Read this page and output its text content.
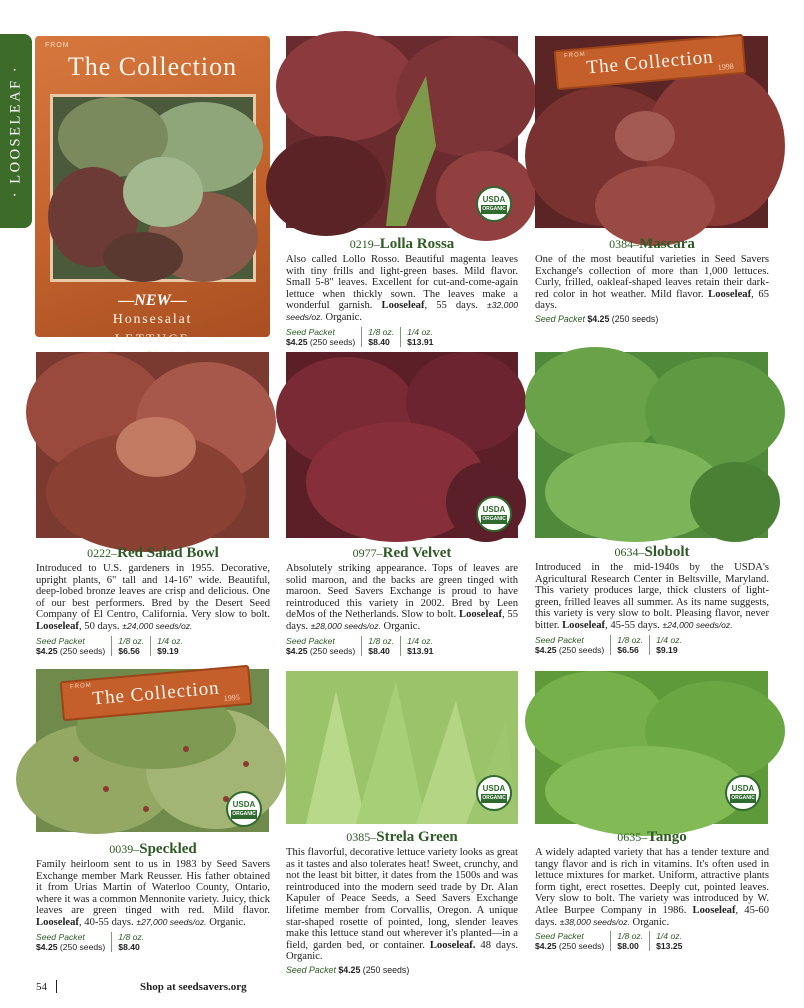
· LOOSELEAF ·
FROM
The Collection
—NEW—
Honsesalat
LETTUCE
USDA
ORGANIC
FROM The Collection 1998
USDA
ORGANIC
FROM The Collection 1995
USDA
ORGANIC
USDA
ORGANIC
USDA
ORGANIC
0219–Lolla Rossa
Also called Lollo Rosso. Beautiful magenta leaves with tiny frills and light-green bases. Mild flavor. Small 5-8" leaves. Excellent for cut-and-come-again lettuce when thickly sown. The leaves make a wonderful garnish. Looseleaf, 55 days. ±32,000 seeds/oz. Organic.
Seed Packet
$4.25 (250 seeds)
1/8 oz.
$8.40
1/4 oz.
$13.91
0384–Mascara
One of the most beautiful varieties in Seed Savers Exchange's collection of more than 1,000 lettuces. Curly, frilled, oakleaf-shaped leaves retain their dark-red color in hot weather. Mild flavor. Looseleaf, 65 days.
Seed Packet $4.25 (250 seeds)
0222–Red Salad Bowl
Introduced to U.S. gardeners in 1955. Decorative, upright plants, 6" tall and 14-16" wide. Beautiful, deep-lobed bronze leaves are crisp and delicious. One of our best performers. Bred by the Desert Seed Company of El Centro, California. Very slow to bolt. Looseleaf, 50 days. ±24,000 seeds/oz.
Seed Packet
$4.25 (250 seeds)
1/8 oz.
$6.56
1/4 oz.
$9.19
0977–Red Velvet
Absolutely striking appearance. Tops of leaves are solid maroon, and the backs are green tinged with maroon. Seed Savers Exchange is proud to have reintroduced this variety in 2002. Bred by Leen deMos of the Netherlands. Slow to bolt. Looseleaf, 55 days. ±28,000 seeds/oz. Organic.
Seed Packet
$4.25 (250 seeds)
1/8 oz.
$8.40
1/4 oz.
$13.91
0634–Slobolt
Introduced in the mid-1940s by the USDA's Agricultural Research Center in Beltsville, Maryland. This variety produces large, thick clusters of light-green, frilled leaves all summer. As its name suggests, this variety is very slow to bolt. Pleasing flavor, never bitter. Looseleaf, 45-55 days. ±24,000 seeds/oz.
Seed Packet
$4.25 (250 seeds)
1/8 oz.
$6.56
1/4 oz.
$9.19
0039–Speckled
Family heirloom sent to us in 1983 by Seed Savers Exchange member Mark Reusser. His father obtained it from Urias Martin of Waterloo County, Ontario, where it was a common Mennonite variety. Juicy, thick leaves are green tinged with red. Mild flavor. Looseleaf, 40-55 days. ±27,000 seeds/oz. Organic.
Seed Packet
$4.25 (250 seeds)
1/8 oz.
$8.40
0385–Strela Green
This flavorful, decorative lettuce variety looks as great as it tastes and also tolerates heat! Sweet, crunchy, and not the least bit bitter, it dates from the 1500s and was reintroduced into the modern seed trade by Dr. Alan Kapuler of Peace Seeds, a Seed Savers Exchange lifetime member from Corvallis, Oregon. A unique star-shaped rosette of pointed, long, slender leaves make this lettuce stand out wherever it's planted—in a field, garden bed, or container. Looseleaf. 48 days. Organic.
Seed Packet $4.25 (250 seeds)
0635–Tango
A widely adapted variety that has a tender texture and tangy flavor and is rich in vitamins. It's often used in lettuce mixtures for market. Uniform, attractive plants form tight, erect rosettes. Deeply cut, pointed leaves. Very slow to bolt. The variety was introduced by W. Atlee Burpee Company in 1986. Looseleaf, 45-60 days. ±38,000 seeds/oz. Organic.
Seed Packet
$4.25 (250 seeds)
1/8 oz.
$8.00
1/4 oz.
$13.25
54	Shop at seedsavers.org
